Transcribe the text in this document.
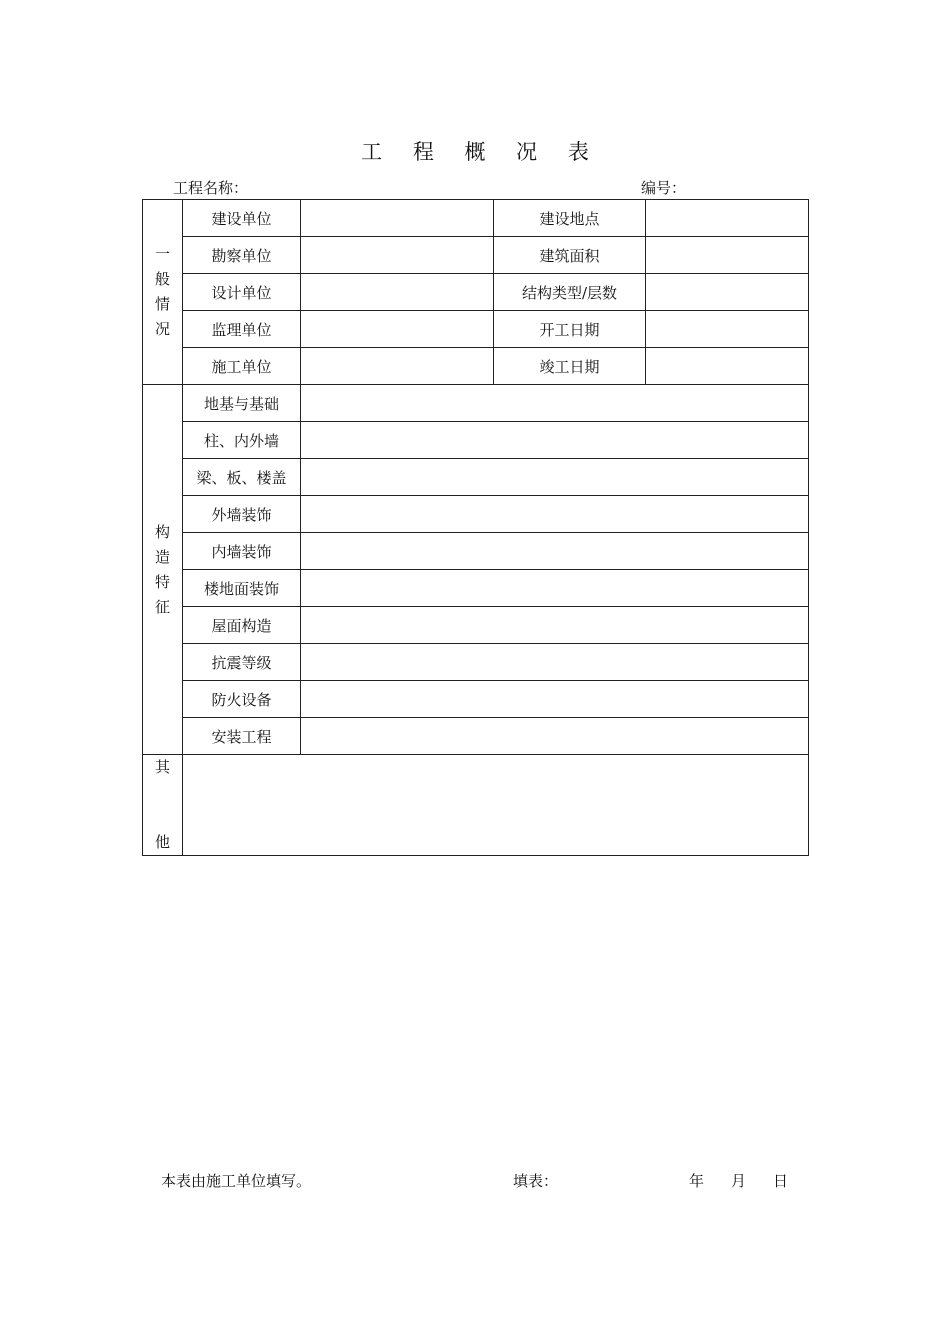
工 程 概 况 表
工程名称：	编号：
一
般
情
况	建设单位		建设地点	
	勘察单位		建筑面积	
	设计单位		结构类型/层数	
	监理单位		开工日期	
	施工单位		竣工日期	

构
造
特
征	地基与基础			
	柱、内外墙			
	梁、板、楼盖			
	外墙装饰			
	内墙装饰			
	楼地面装饰			
	屋面构造			
	抗震等级			
	防火设备			
	安装工程			

其
他				

本表由施工单位填写。	填表：	年 月 日
